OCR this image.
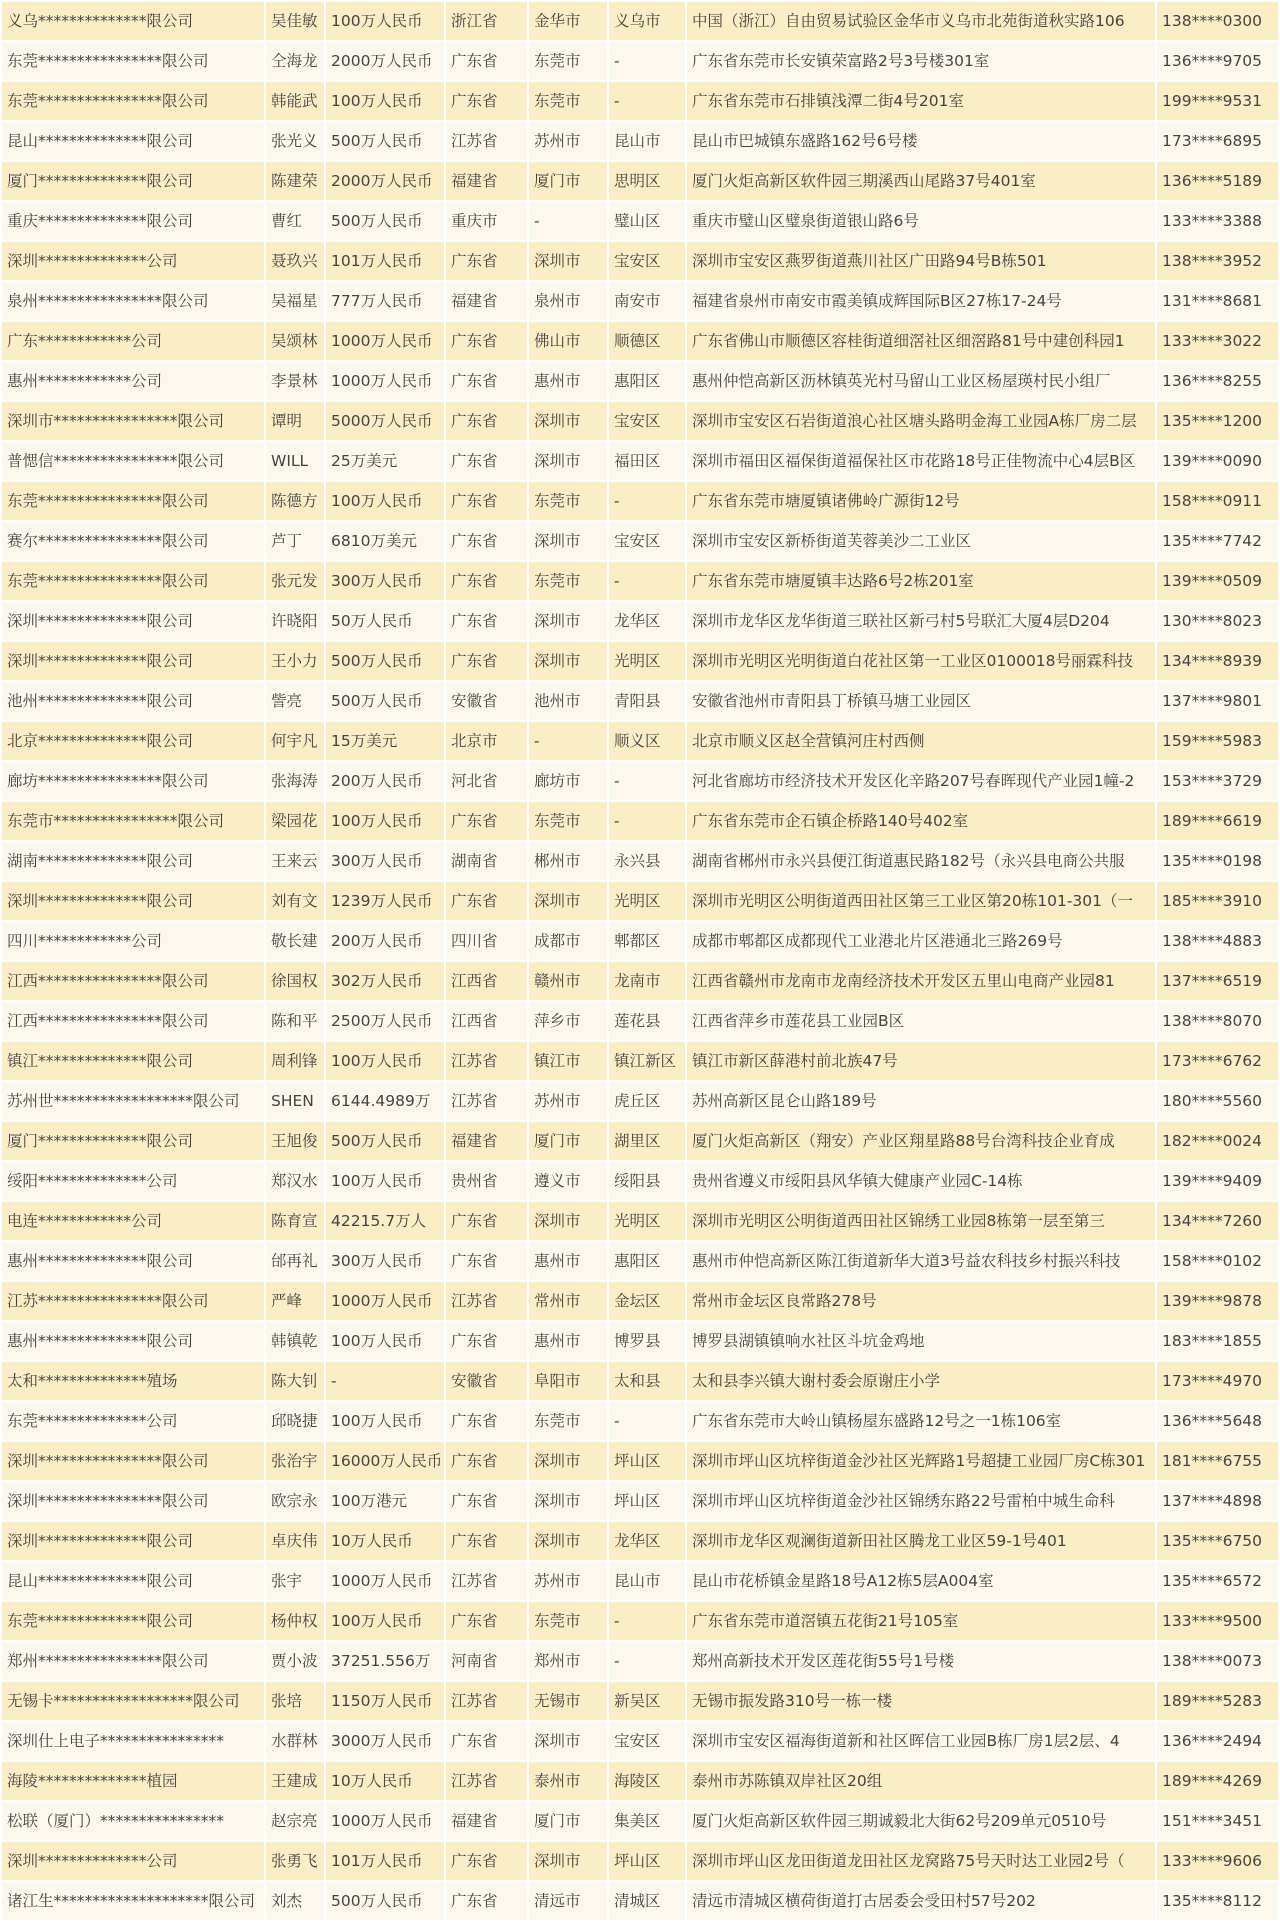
义乌**************限公司	吴佳敏	100万人民币	浙江省	金华市	义乌市	中国（浙江）自由贸易试验区金华市义乌市北苑街道秋实路106	138****0300
东莞****************限公司	仝海龙	2000万人民币	广东省	东莞市	-	广东省东莞市长安镇荣富路2号3号楼301室	136****9705
东莞****************限公司	韩能武	100万人民币	广东省	东莞市	-	广东省东莞市石排镇浅潭二街4号201室	199****9531
昆山**************限公司	张光义	500万人民币	江苏省	苏州市	昆山市	昆山市巴城镇东盛路162号6号楼	173****6895
厦门**************限公司	陈建荣	2000万人民币	福建省	厦门市	思明区	厦门火炬高新区软件园三期溪西山尾路37号401室	136****5189
重庆**************限公司	曹红	500万人民币	重庆市	-	璧山区	重庆市璧山区璧泉街道银山路6号	133****3388
深圳**************公司	聂玖兴	101万人民币	广东省	深圳市	宝安区	深圳市宝安区燕罗街道燕川社区广田路94号B栋501	138****3952
泉州****************限公司	吴福星	777万人民币	福建省	泉州市	南安市	福建省泉州市南安市霞美镇成辉国际B区27栋17-24号	131****8681
广东************公司	吴颂林	1000万人民币	广东省	佛山市	顺德区	广东省佛山市顺德区容桂街道细滘社区细滘路81号中建创科园1	133****3022
惠州************公司	李景林	1000万人民币	广东省	惠州市	惠阳区	惠州仲恺高新区沥林镇英光村马留山工业区杨屋瑛村民小组厂	136****8255
深圳市****************限公司	谭明	5000万人民币	广东省	深圳市	宝安区	深圳市宝安区石岩街道浪心社区塘头路明金海工业园A栋厂房二层	135****1200
普愢信****************限公司	WILL	25万美元	广东省	深圳市	福田区	深圳市福田区福保街道福保社区市花路18号正佳物流中心4层B区	139****0090
东莞****************限公司	陈德方	100万人民币	广东省	东莞市	-	广东省东莞市塘厦镇诸佛岭广源街12号	158****0911
赛尔****************限公司	芦丁	6810万美元	广东省	深圳市	宝安区	深圳市宝安区新桥街道芙蓉美沙二工业区	135****7742
东莞****************限公司	张元发	300万人民币	广东省	东莞市	-	广东省东莞市塘厦镇丰达路6号2栋201室	139****0509
深圳**************限公司	许晓阳	50万人民币	广东省	深圳市	龙华区	深圳市龙华区龙华街道三联社区新弓村5号联汇大厦4层D204	130****8023
深圳**************限公司	王小力	500万人民币	广东省	深圳市	光明区	深圳市光明区光明街道白花社区第一工业区0100018号丽霖科技	134****8939
池州**************限公司	訾亮	500万人民币	安徽省	池州市	青阳县	安徽省池州市青阳县丁桥镇马塘工业园区	137****9801
北京**************限公司	何宇凡	15万美元	北京市	-	顺义区	北京市顺义区赵全营镇河庄村西侧	159****5983
廊坊****************限公司	张海涛	200万人民币	河北省	廊坊市	-	河北省廊坊市经济技术开发区化辛路207号春晖现代产业园1幢-2	153****3729
东莞市****************限公司	梁园花	100万人民币	广东省	东莞市	-	广东省东莞市企石镇企桥路140号402室	189****6619
湖南**************限公司	王来云	300万人民币	湖南省	郴州市	永兴县	湖南省郴州市永兴县便江街道惠民路182号（永兴县电商公共服	135****0198
深圳**************限公司	刘有文	1239万人民币	广东省	深圳市	光明区	深圳市光明区公明街道西田社区第三工业区第20栋101-301（一	185****3910
四川************公司	敬长建	200万人民币	四川省	成都市	郫都区	成都市郫都区成都现代工业港北片区港通北三路269号	138****4883
江西****************限公司	徐国权	302万人民币	江西省	赣州市	龙南市	江西省赣州市龙南市龙南经济技术开发区五里山电商产业园81	137****6519
江西****************限公司	陈和平	2500万人民币	江西省	萍乡市	莲花县	江西省萍乡市莲花县工业园B区	138****8070
镇江**************限公司	周利锋	100万人民币	江苏省	镇江市	镇江新区	镇江市新区薛港村前北族47号	173****6762
苏州世******************限公司	SHEN	6144.4989万	江苏省	苏州市	虎丘区	苏州高新区昆仑山路189号	180****5560
厦门**************限公司	王旭俊	500万人民币	福建省	厦门市	湖里区	厦门火炬高新区（翔安）产业区翔星路88号台湾科技企业育成	182****0024
绥阳**************公司	郑汉水	100万人民币	贵州省	遵义市	绥阳县	贵州省遵义市绥阳县风华镇大健康产业园C-14栋	139****9409
电连************公司	陈育宣	42215.7万人	广东省	深圳市	光明区	深圳市光明区公明街道西田社区锦绣工业园8栋第一层至第三	134****7260
惠州**************限公司	邰再礼	300万人民币	广东省	惠州市	惠阳区	惠州市仲恺高新区陈江街道新华大道3号益农科技乡村振兴科技	158****0102
江苏****************限公司	严峰	1000万人民币	江苏省	常州市	金坛区	常州市金坛区良常路278号	139****9878
惠州**************限公司	韩镇乾	100万人民币	广东省	惠州市	博罗县	博罗县湖镇镇响水社区斗坑金鸡地	183****1855
太和**************殖场	陈大钊	-	安徽省	阜阳市	太和县	太和县李兴镇大谢村委会原谢庄小学	173****4970
东莞**************公司	邱晓捷	100万人民币	广东省	东莞市	-	广东省东莞市大岭山镇杨屋东盛路12号之一1栋106室	136****5648
深圳****************限公司	张治宇	16000万人民币	广东省	深圳市	坪山区	深圳市坪山区坑梓街道金沙社区光辉路1号超捷工业园厂房C栋301	181****6755
深圳****************限公司	欧宗永	100万港元	广东省	深圳市	坪山区	深圳市坪山区坑梓街道金沙社区锦绣东路22号雷柏中城生命科	137****4898
深圳**************限公司	卓庆伟	10万人民币	广东省	深圳市	龙华区	深圳市龙华区观澜街道新田社区腾龙工业区59-1号401	135****6750
昆山**************限公司	张宇	1000万人民币	江苏省	苏州市	昆山市	昆山市花桥镇金星路18号A12栋5层A004室	135****6572
东莞**************限公司	杨仲权	100万人民币	广东省	东莞市	-	广东省东莞市道滘镇五花街21号105室	133****9500
郑州****************限公司	贾小波	37251.556万	河南省	郑州市	-	郑州高新技术开发区莲花街55号1号楼	138****0073
无锡卡******************限公司	张培	1150万人民币	江苏省	无锡市	新吴区	无锡市振发路310号一栋一楼	189****5283
深圳仕上电子****************	水群林	3000万人民币	广东省	深圳市	宝安区	深圳市宝安区福海街道新和社区晖信工业园B栋厂房1层2层、4	136****2494
海陵**************植园	王建成	10万人民币	江苏省	泰州市	海陵区	泰州市苏陈镇双岸社区20组	189****4269
松联（厦门）****************	赵宗亮	1000万人民币	福建省	厦门市	集美区	厦门火炬高新区软件园三期诚毅北大街62号209单元0510号	151****3451
深圳**************公司	张勇飞	101万人民币	广东省	深圳市	坪山区	深圳市坪山区龙田街道龙田社区龙窝路75号天时达工业园2号（	133****9606
诸江生********************限公司	刘杰	500万人民币	广东省	清远市	清城区	清远市清城区横荷街道打古居委会受田村57号202	135****8112
